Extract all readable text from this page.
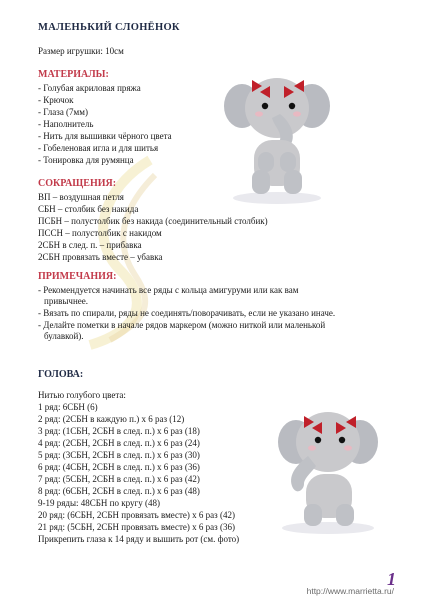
МАЛЕНЬКИЙ СЛОНЁНОК
Размер игрушки: 10см
МАТЕРИАЛЫ:
- Голубая акриловая пряжа
- Крючок
- Глаза (7мм)
- Наполнитель
- Нить для вышивки чёрного цвета
- Гобеленовая игла и для шитья
- Тонировка для румянца
СОКРАЩЕНИЯ:
ВП – воздушная петля
СБН – столбик без накида
ПСБН – полустолбик без накида (соединительный столбик)
ПССН – полустолбик с накидом
2СБН в след. п. – прибавка
2СБН провязать вместе – убавка
ПРИМЕЧАНИЯ:
- Рекомендуется начинать все ряды с кольца амигуруми или как вам
привычнее.
- Вязать по спирали, ряды не соединять/поворачивать, если не указано иначе.
- Делайте пометки в начале рядов маркером (можно ниткой или маленькой
булавкой).
ГОЛОВА:
Нитью голубого цвета:
1 ряд: 6СБН (6)
2 ряд: (2СБН в каждую п.) х 6 раз (12)
3 ряд: (1СБН, 2СБН в след. п.) х 6 раз (18)
4 ряд: (2СБН, 2СБН в след. п.) х 6 раз (24)
5 ряд: (3СБН, 2СБН в след. п.) х 6 раз (30)
6 ряд: (4СБН, 2СБН в след. п.) х 6 раз (36)
7 ряд: (5СБН, 2СБН в след. п.) х 6 раз (42)
8 ряд: (6СБН, 2СБН в след. п.) х 6 раз (48)
9-19 ряды: 48СБН по кругу (48)
20 ряд: (6СБН, 2СБН провязать вместе) х 6 раз (42)
21 ряд: (5СБН, 2СБН провязать вместе) х 6 раз (36)
Прикрепить глаза к 14 ряду и вышить рот (см. фото)
1
http://www.marrietta.ru/
